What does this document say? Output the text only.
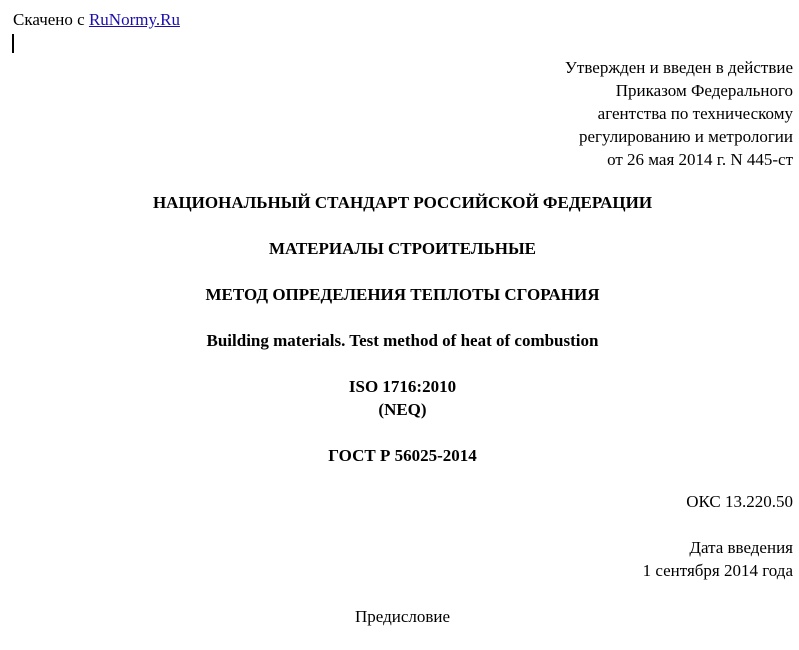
Скачено с RuNormy.Ru
Утвержден и введен в действие
Приказом Федерального
агентства по техническому
регулированию и метрологии
от 26 мая 2014 г. N 445-ст
НАЦИОНАЛЬНЫЙ СТАНДАРТ РОССИЙСКОЙ ФЕДЕРАЦИИ
МАТЕРИАЛЫ СТРОИТЕЛЬНЫЕ
МЕТОД ОПРЕДЕЛЕНИЯ ТЕПЛОТЫ СГОРАНИЯ
Building materials. Test method of heat of combustion
ISO 1716:2010
(NEQ)
ГОСТ Р 56025-2014
ОКС 13.220.50
Дата введения
1 сентября 2014 года
Предисловие
